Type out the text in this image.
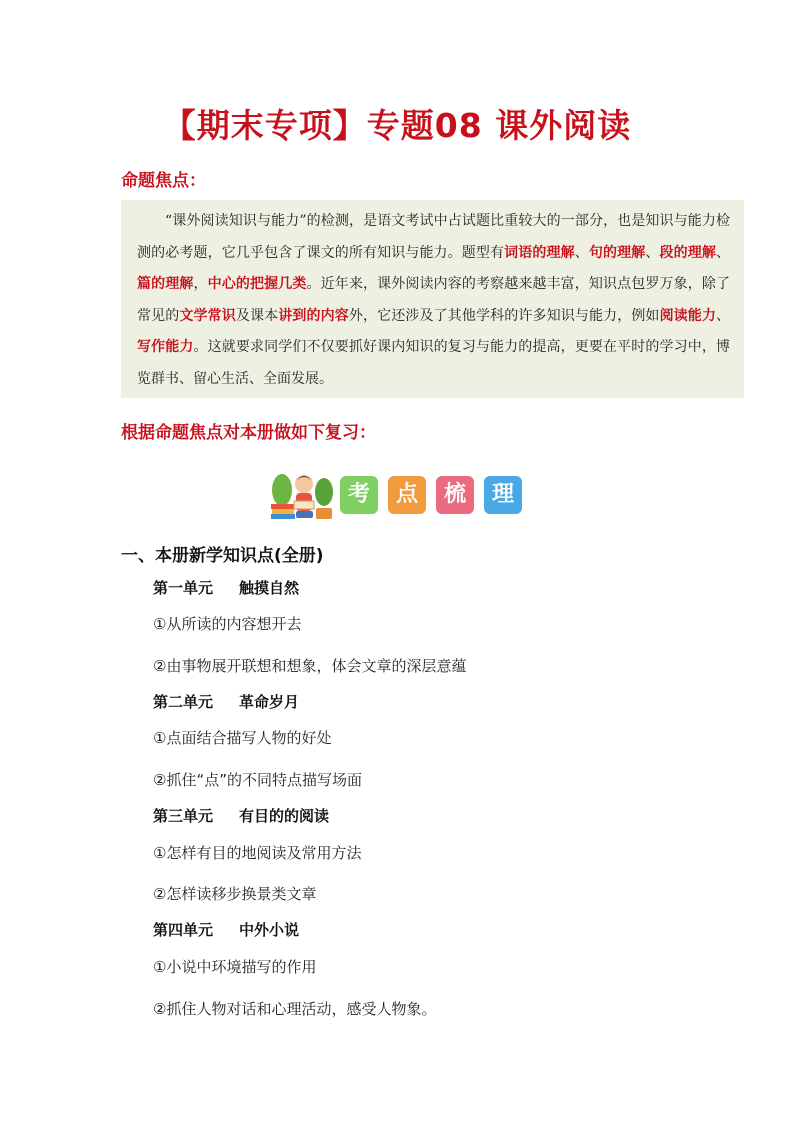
【期末专项】专题08 课外阅读
命题焦点：
“课外阅读知识与能力”的检测，是语文考试中占试题比重较大的一部分，也是知识与能力检测的必考题，它几乎包含了课文的所有知识与能力。题型有词语的理解、句的理解、段的理解、篇的理解，中心的把握几类。近年来，课外阅读内容的考察越来越丰富，知识点包罗万象，除了常见的文学常识及课本讲到的内容外，它还涉及了其他学科的许多知识与能力，例如阅读能力、写作能力。这就要求同学们不仅要抓好课内知识的复习与能力的提高，更要在平时的学习中，博览群书、留心生活、全面发展。
根据命题焦点对本册做如下复习：
考	点	梳	理
一、本册新学知识点(全册)
第一单元 触摸自然
①从所读的内容想开去
②由事物展开联想和想象，体会文章的深层意蕴
第二单元 革命岁月
①点面结合描写人物的好处
②抓住“点”的不同特点描写场面
第三单元 有目的的阅读
①怎样有目的地阅读及常用方法
②怎样读移步换景类文章
第四单元 中外小说
①小说中环境描写的作用
②抓住人物对话和心理活动，感受人物象。
